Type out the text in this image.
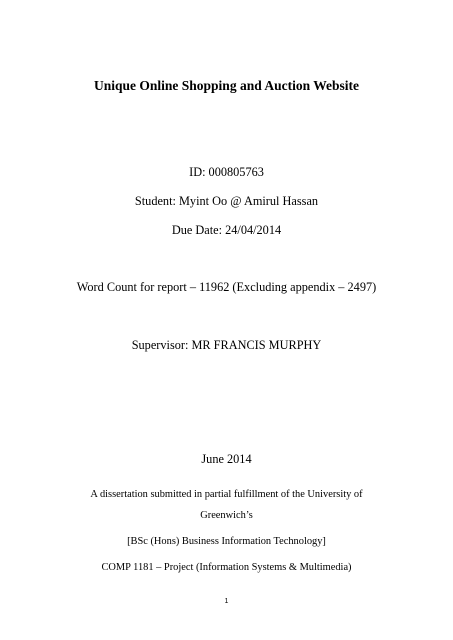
Unique Online Shopping and Auction Website
ID: 000805763
Student: Myint Oo @ Amirul Hassan
Due Date: 24/04/2014
Word Count for report – 11962 (Excluding appendix – 2497)
Supervisor: MR FRANCIS MURPHY
June 2014
A dissertation submitted in partial fulfillment of the University of
Greenwich’s
[BSc (Hons) Business Information Technology]
COMP 1181 – Project (Information Systems & Multimedia)
1
